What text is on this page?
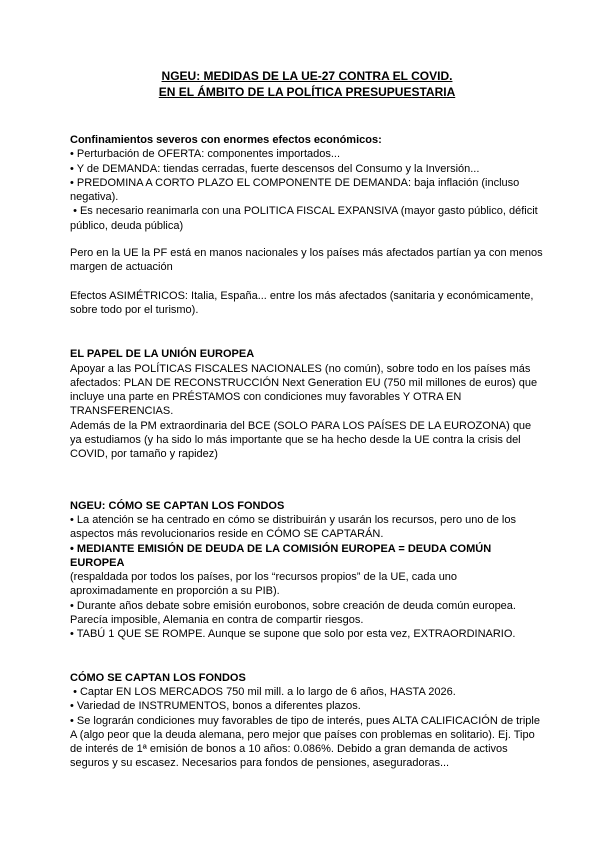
NGEU: MEDIDAS DE LA UE-27 CONTRA EL COVID.
EN EL ÁMBITO DE LA POLÍTICA PRESUPUESTARIA
Confinamientos severos con enormes efectos económicos:
• Perturbación de OFERTA: componentes importados...
• Y de DEMANDA: tiendas cerradas, fuerte descensos del Consumo y la Inversión...
• PREDOMINA A CORTO PLAZO EL COMPONENTE DE DEMANDA: baja inflación (incluso negativa).
• Es necesario reanimarla con una POLITICA FISCAL EXPANSIVA (mayor gasto público, déficit público, deuda pública)
Pero en la UE la PF está en manos nacionales y los países más afectados partían ya con menos margen de actuación
Efectos ASIMÉTRICOS: Italia, España... entre los más afectados (sanitaria y económicamente, sobre todo por el turismo).
EL PAPEL DE LA UNIÓN EUROPEA
Apoyar a las POLÍTICAS FISCALES NACIONALES (no común), sobre todo en los países más afectados: PLAN DE RECONSTRUCCIÓN Next Generation EU (750 mil millones de euros) que incluye una parte en PRÉSTAMOS con condiciones muy favorables Y OTRA EN TRANSFERENCIAS.
Además de la PM extraordinaria del BCE (SOLO PARA LOS PAÍSES DE LA EUROZONA) que ya estudiamos (y ha sido lo más importante que se ha hecho desde la UE contra la crisis del COVID, por tamaño y rapidez)
NGEU: CÓMO SE CAPTAN LOS FONDOS
• La atención se ha centrado en cómo se distribuirán y usarán los recursos, pero uno de los aspectos más revolucionarios reside en CÓMO SE CAPTARÁN.
• MEDIANTE EMISIÓN DE DEUDA DE LA COMISIÓN EUROPEA = DEUDA COMÚN EUROPEA
(respaldada por todos los países, por los “recursos propios” de la UE, cada uno aproximadamente en proporción a su PIB).
• Durante años debate sobre emisión eurobonos, sobre creación de deuda común europea. Parecía imposible, Alemania en contra de compartir riesgos.
• TABÚ 1 QUE SE ROMPE. Aunque se supone que solo por esta vez, EXTRAORDINARIO.
CÓMO SE CAPTAN LOS FONDOS
• Captar EN LOS MERCADOS 750 mil mill. a lo largo de 6 años, HASTA 2026.
• Variedad de INSTRUMENTOS, bonos a diferentes plazos.
• Se lograrán condiciones muy favorables de tipo de interés, pues ALTA CALIFICACIÓN de triple A (algo peor que la deuda alemana, pero mejor que países con problemas en solitario). Ej. Tipo de interés de 1ª emisión de bonos a 10 años: 0.086%. Debido a gran demanda de activos seguros y su escasez. Necesarios para fondos de pensiones, aseguradoras...
